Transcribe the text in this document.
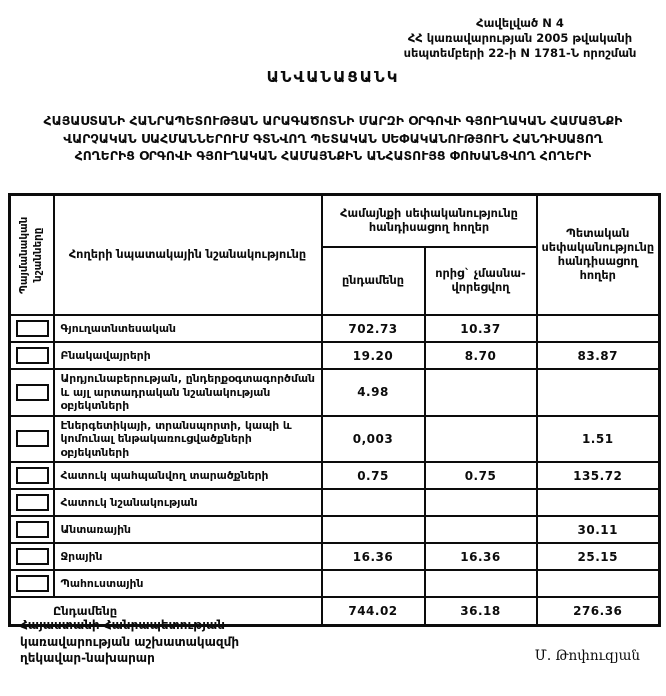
Հավելված N 4
ՀՀ կառավարության 2005 թվականի
սեպտեմբերի 22-ի N 1781-Ն որոշման
ԱՆՎԱՆԱՑԱՆԿ
ՀԱՅԱՍՏԱՆԻ ՀԱՆՐԱՊԵՏՈՒԹՅԱՆ ԱՐԱԳԱԾՈՏՆԻ ՄԱՐԶԻ ՕՐԳՈՎԻ ԳՅՈՒՂԱԿԱՆ ՀԱՄԱՅՆՔԻ
ՎԱՐՉԱԿԱՆ ՍԱՀՄԱՆՆԵՐՈՒՄ ԳՏՆՎՈՂ ՊԵՏԱԿԱՆ ՍԵՓԱԿԱՆՈՒԹՅՈՒՆ ՀԱՆԴԻՍԱՑՈՂ
ՀՈՂԵՐԻՑ ՕՐԳՈՎԻ ԳՅՈՒՂԱԿԱՆ ՀԱՄԱՅՆՔԻՆ ԱՆՀԱՏՈՒՅՑ ՓՈԽԱՆՑՎՈՂ ՀՈՂԵՐԻ
Պայմանական նշանները	Հողերի նպատակային նշանակությունը	Համայնքի սեփականությունը հանդիսացող հողեր		Պետական սեփականությունը հանդիսացող հողեր
		ընդամենը	որից` չմասնա-վորեցվող	

	Գյուղատնտեսական	702.73	10.37	

	Բնակավայրերի	19.20	8.70	83.87

	Արդյունաբերության, ընդերքօգտագործման և այլ արտադրական նշանակության օբյեկտների	4.98		

	Էներգետիկայի, տրանսպորտի, կապի և կոմունալ ենթակառուցվածքների օբյեկտների	0,003		1.51

	Հատուկ պահպանվող տարածքների	0.75	0.75	135.72

	Հատուկ նշանակության			

	Անտառային			30.11

	Ջրային	16.36	16.36	25.15

	Պահուստային			
Ընդամենը		744.02	36.18	276.36
Հայաստանի Հանրապետության
կառավարության աշխատակազմի
ղեկավար-նախարար	Մ. Թոփուզյան
